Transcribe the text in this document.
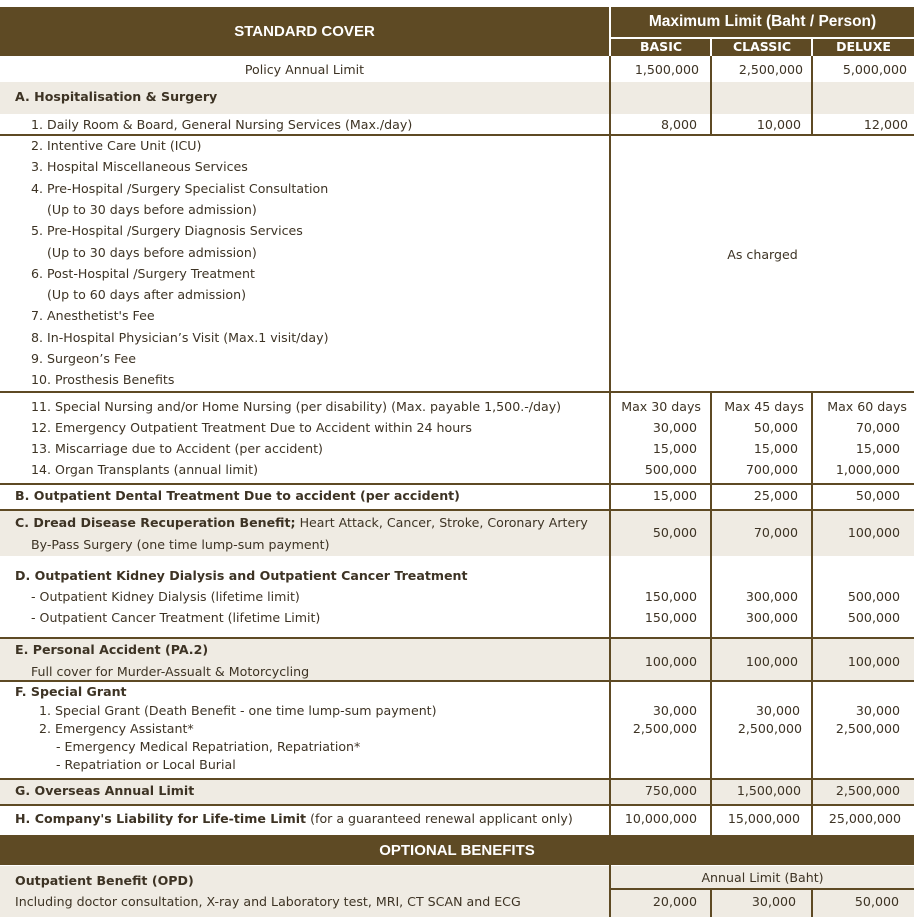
STANDARD COVER
Maximum Limit (Baht / Person)
BASIC	CLASSIC	DELUXE
OPTIONAL BENEFITS
Policy Annual Limit	1,500,000	2,500,000	5,000,000
A. Hospitalisation & Surgery
1. Daily Room & Board, General Nursing Services (Max./day)	8,000	10,000	12,000
2. Intentive Care Unit (ICU)
3. Hospital Miscellaneous Services
4. Pre-Hospital /Surgery Specialist Consultation
(Up to 30 days before admission)
5. Pre-Hospital /Surgery Diagnosis Services
(Up to 30 days before admission)
6. Post-Hospital /Surgery Treatment
(Up to 60 days after admission)
7. Anesthetist's Fee
8. In-Hospital Physician’s Visit (Max.1 visit/day)
9. Surgeon’s Fee
10. Prosthesis Benefits
As charged
11. Special Nursing and/or Home Nursing (per disability) (Max. payable 1,500.-/day)	Max 30 days	Max 45 days	Max 60 days
12. Emergency Outpatient Treatment Due to Accident within 24 hours	30,000	50,000	70,000
13. Miscarriage due to Accident (per accident)	15,000	15,000	15,000
14. Organ Transplants (annual limit)	500,000	700,000	1,000,000
B. Outpatient Dental Treatment Due to accident (per accident)	15,000	25,000	50,000
C. Dread Disease Recuperation Benefit; Heart Attack, Cancer, Stroke, Coronary Artery
By-Pass Surgery (one time lump-sum payment)
50,000	70,000	100,000
D. Outpatient Kidney Dialysis and Outpatient Cancer Treatment
- Outpatient Kidney Dialysis (lifetime limit)	150,000	300,000	500,000
- Outpatient Cancer Treatment (lifetime Limit)	150,000	300,000	500,000
E. Personal Accident (PA.2)
Full cover for Murder-Assualt & Motorcycling
100,000	100,000	100,000
F. Special Grant
1. Special Grant (Death Benefit - one time lump-sum payment)	30,000	30,000	30,000
2. Emergency Assistant*	2,500,000	2,500,000	2,500,000
- Emergency Medical Repatriation, Repatriation*
- Repatriation or Local Burial
G. Overseas Annual Limit	750,000	1,500,000	2,500,000
H. Company's Liability for Life-time Limit (for a guaranteed renewal applicant only)	10,000,000	15,000,000	25,000,000
Outpatient Benefit (OPD)	Annual Limit (Baht)
Including doctor consultation, X-ray and Laboratory test, MRI, CT SCAN and ECG	20,000	30,000	50,000
